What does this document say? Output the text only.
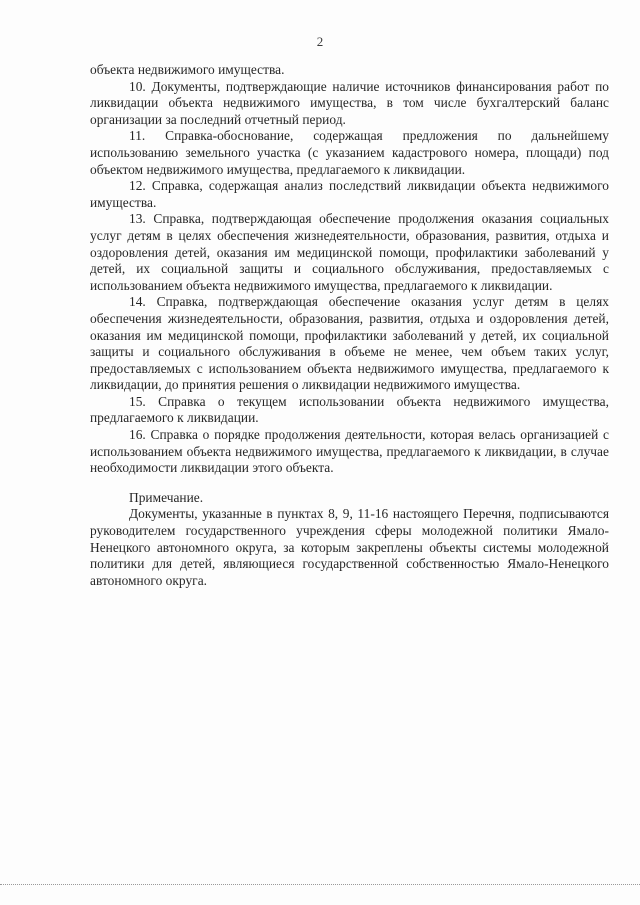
2

объекта недвижимого имущества.

10. Документы, подтверждающие наличие источников финансирования работ по ликвидации объекта недвижимого имущества, в том числе бухгалтерский баланс организации за последний отчетный период.

11. Справка-обоснование, содержащая предложения по дальнейшему использованию земельного участка (с указанием кадастрового номера, площади) под объектом недвижимого имущества, предлагаемого к ликвидации.

12. Справка, содержащая анализ последствий ликвидации объекта недвижимого имущества.

13. Справка, подтверждающая обеспечение продолжения оказания социальных услуг детям в целях обеспечения жизнедеятельности, образования, развития, отдыха и оздоровления детей, оказания им медицинской помощи, профилактики заболеваний у детей, их социальной защиты и социального обслуживания, предоставляемых с использованием объекта недвижимого имущества, предлагаемого к ликвидации.

14. Справка, подтверждающая обеспечение оказания услуг детям в целях обеспечения жизнедеятельности, образования, развития, отдыха и оздоровления детей, оказания им медицинской помощи, профилактики заболеваний у детей, их социальной защиты и социального обслуживания в объеме не менее, чем объем таких услуг, предоставляемых с использованием объекта недвижимого имущества, предлагаемого к ликвидации, до принятия решения о ликвидации недвижимого имущества.

15. Справка о текущем использовании объекта недвижимого имущества, предлагаемого к ликвидации.

16. Справка о порядке продолжения деятельности, которая велась организацией с использованием объекта недвижимого имущества, предлагаемого к ликвидации, в случае необходимости ликвидации этого объекта.

Примечание.

Документы, указанные в пунктах 8, 9, 11-16 настоящего Перечня, подписываются руководителем государственного учреждения сферы молодежной политики Ямало-Ненецкого автономного округа, за которым закреплены объекты системы молодежной политики для детей, являющиеся государственной собственностью Ямало-Ненецкого автономного округа.
